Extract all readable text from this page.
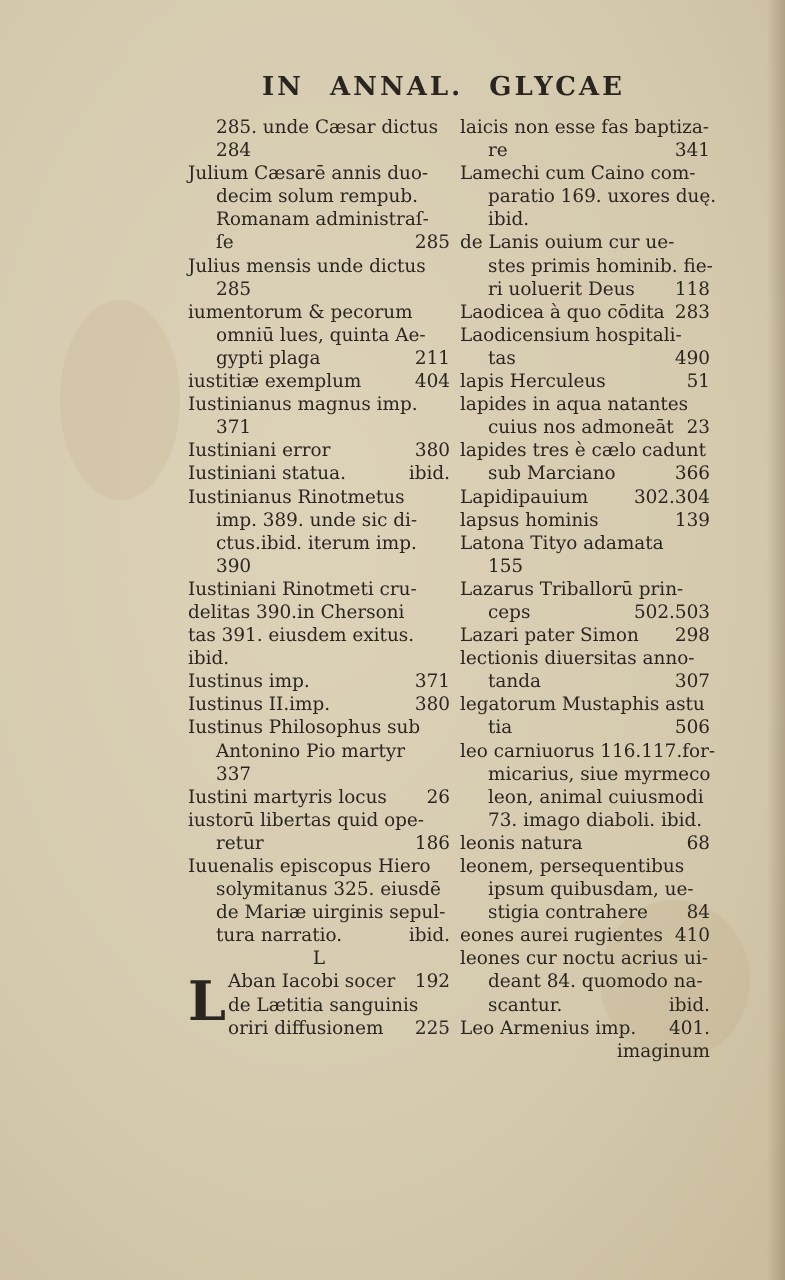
IN ANNAL. GLYCAE
285. unde Cæsar dictus
284
Julium Cæsarē annis duo-
decim solum rempub.
Romanam administraſ-
ſe	285
Julius mensis unde dictus
285
iumentorum & pecorum
omniū lues, quinta Ae-
gypti plaga	211
iustitiæ exemplum	404
Iustinianus magnus imp.
371
Iustiniani error	380
Iustiniani statua.	ibid.
Iustinianus Rinotmetus
imp. 389. unde sic di-
ctus.ibid. iterum imp.
390
Iustiniani Rinotmeti cru-
delitas 390.in Chersoni
tas 391. eiusdem exitus.
ibid.
Iustinus imp.	371
Iustinus II.imp.	380
Iustinus Philosophus sub
Antonino Pio martyr
337
Iustini martyris locus 26
iustorū libertas quid ope-
retur	186
Iuuenalis episcopus Hiero
solymitanus 325. eiusdē
de Mariæ uirginis sepul-
tura narratio.	ibid.
L
L Aban Iacobi socer 192
de Lætitia sanguinis
oriri diffusionem 225
laicis non esse fas baptiza-
re	341
Lamechi cum Caino com-
paratio 169. uxores duę.
ibid.
de Lanis ouium cur ue-
stes primis hominib. fie-
ri uoluerit Deus 118
Laodicea à quo cōdita 283
Laodicensium hospitali-
tas	490
lapis Herculeus	51
lapides in aqua natantes
cuius nos admoneāt 23
lapides tres è cælo cadunt
sub Marciano	366
Lapidipauium 302.304
lapsus hominis	139
Latona Tityo adamata
155
Lazarus Triballorū prin-
ceps	502.503
Lazari pater Simon 298
lectionis diuersitas anno-
tanda	307
legatorum Mustaphis astu
tia	506
leo carniuorus 116.117.for-
micarius, siue myrmeco
leon, animal cuiusmodi
73. imago diaboli. ibid.
leonis natura	68
leonem, persequentibus
ipsum quibusdam, ue-
stigia contrahere 84
eones aurei rugientes 410
leones cur noctu acrius ui-
deant 84. quomodo na-
scantur.	ibid.
Leo Armenius imp. 401.
imaginum
